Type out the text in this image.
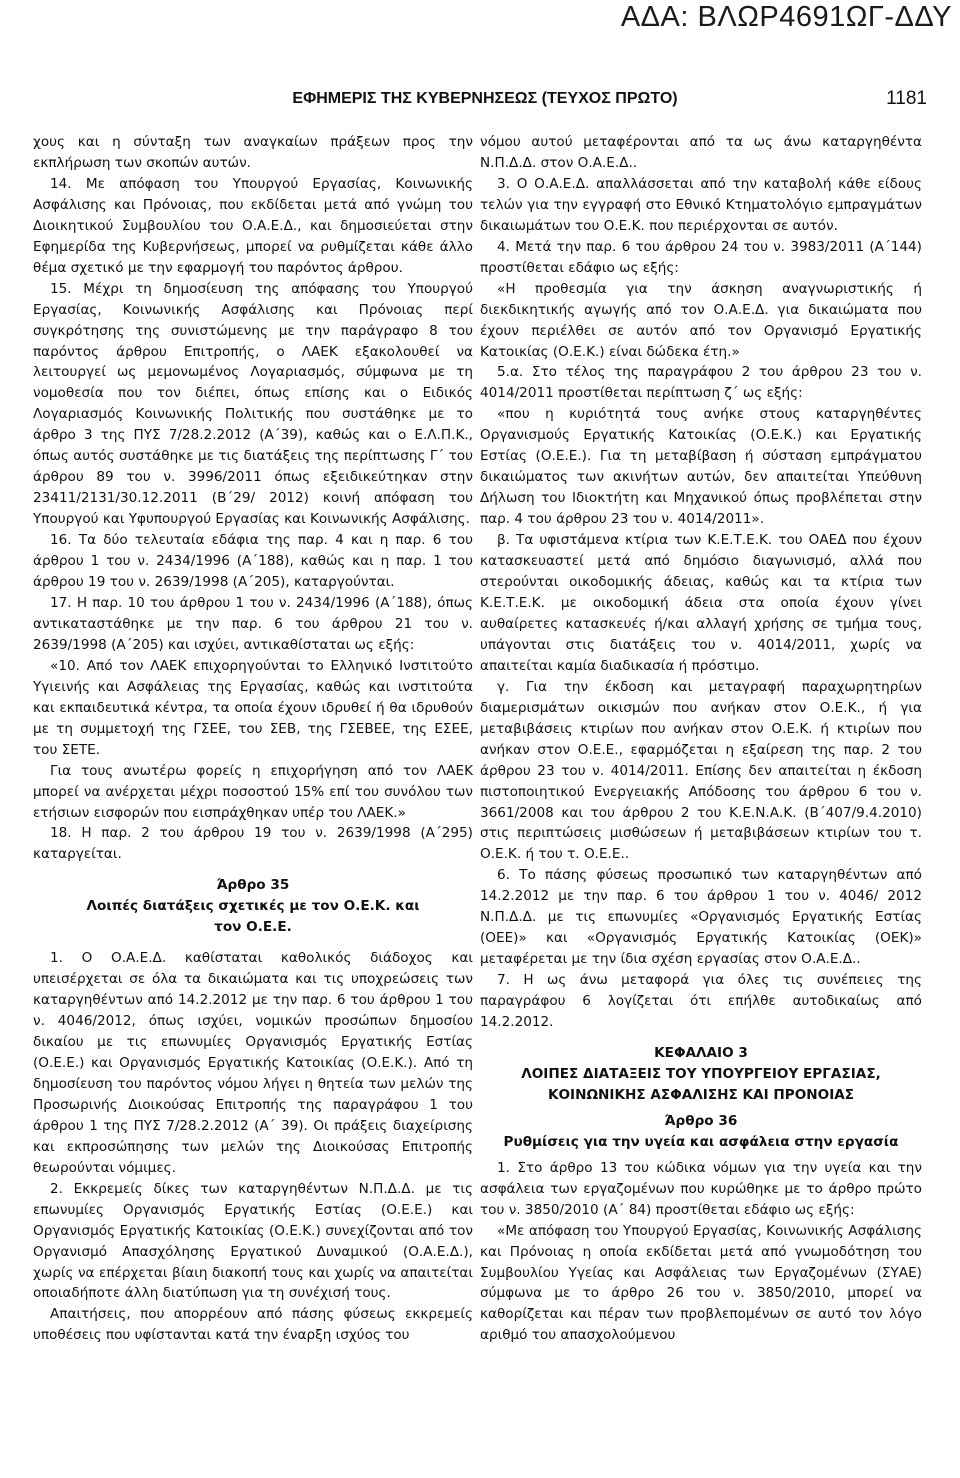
ΑΔΑ: ΒΛΩΡ4691ΩΓ-ΔΔΥ
ΕΦΗΜΕΡΙΣ ΤΗΣ ΚΥΒΕΡΝΗΣΕΩΣ (ΤΕΥΧΟΣ ΠΡΩΤΟ)	1181

χους και η σύνταξη των αναγκαίων πράξεων προς την εκπλήρωση των σκοπών αυτών.

14. Με απόφαση του Υπουργού Εργασίας, Κοινωνικής Ασφάλισης και Πρόνοιας, που εκδίδεται μετά από γνώμη του Διοικητικού Συμβουλίου του Ο.Α.Ε.Δ., και δημοσιεύεται στην Εφημερίδα της Κυβερνήσεως, μπορεί να ρυθμίζεται κάθε άλλο θέμα σχετικό με την εφαρμογή του παρόντος άρθρου.

15. Μέχρι τη δημοσίευση της απόφασης του Υπουργού Εργασίας, Κοινωνικής Ασφάλισης και Πρόνοιας περί συγκρότησης της συνιστώμενης με την παράγραφο 8 του παρόντος άρθρου Επιτροπής, ο ΛΑΕΚ εξακολουθεί να λειτουργεί ως μεμονωμένος Λογαριασμός, σύμφωνα με τη νομοθεσία που τον διέπει, όπως επίσης και ο Ειδικός Λογαριασμός Κοινωνικής Πολιτικής που συστάθηκε με το άρθρο 3 της ΠΥΣ 7/28.2.2012 (Α΄39), καθώς και ο Ε.Λ.Π.Κ., όπως αυτός συστάθηκε με τις διατάξεις της περίπτωσης Γ΄ του άρθρου 89 του ν. 3996/2011 όπως εξειδικεύτηκαν στην 23411/2131/30.12.2011 (Β΄29/ 2012) κοινή απόφαση του Υπουργού και Υφυπουργού Εργασίας και Κοινωνικής Ασφάλισης.

16. Τα δύο τελευταία εδάφια της παρ. 4 και η παρ. 6 του άρθρου 1 του ν. 2434/1996 (Α΄188), καθώς και η παρ. 1 του άρθρου 19 του ν. 2639/1998 (Α΄205), καταργούνται.

17. Η παρ. 10 του άρθρου 1 του ν. 2434/1996 (Α΄188), όπως αντικαταστάθηκε με την παρ. 6 του άρθρου 21 του ν. 2639/1998 (Α΄205) και ισχύει, αντικαθίσταται ως εξής:

«10. Από τον ΛΑΕΚ επιχορηγούνται το Ελληνικό Ινστιτούτο Υγιεινής και Ασφάλειας της Εργασίας, καθώς και ινστιτούτα και εκπαιδευτικά κέντρα, τα οποία έχουν ιδρυθεί ή θα ιδρυθούν με τη συμμετοχή της ΓΣΕΕ, του ΣΕΒ, της ΓΣΕΒΕΕ, της ΕΣΕΕ, του ΣΕΤΕ.

Για τους ανωτέρω φορείς η επιχορήγηση από τον ΛΑΕΚ μπορεί να ανέρχεται μέχρι ποσοστού 15% επί του συνόλου των ετήσιων εισφορών που εισπράχθηκαν υπέρ του ΛΑΕΚ.»

18. Η παρ. 2 του άρθρου 19 του ν. 2639/1998 (Α΄295) καταργείται.

Άρθρο 35

Λοιπές διατάξεις σχετικές με τον Ο.Ε.Κ. και τον Ο.Ε.Ε.

1. Ο Ο.Α.Ε.Δ. καθίσταται καθολικός διάδοχος και υπεισέρχεται σε όλα τα δικαιώματα και τις υποχρεώσεις των καταργηθέντων από 14.2.2012 με την παρ. 6 του άρθρου 1 του ν. 4046/2012, όπως ισχύει, νομικών προσώπων δημοσίου δικαίου με τις επωνυμίες Οργανισμός Εργατικής Εστίας (Ο.Ε.Ε.) και Οργανισμός Εργατικής Κατοικίας (Ο.Ε.Κ.). Από τη δημοσίευση του παρόντος νόμου λήγει η θητεία των μελών της Προσωρινής Διοικούσας Επιτροπής της παραγράφου 1 του άρθρου 1 της ΠΥΣ 7/28.2.2012 (Α΄ 39). Οι πράξεις διαχείρισης και εκπροσώπησης των μελών της Διοικούσας Επιτροπής θεωρούνται νόμιμες.

2. Εκκρεμείς δίκες των καταργηθέντων Ν.Π.Δ.Δ. με τις επωνυμίες Οργανισμός Εργατικής Εστίας (Ο.Ε.Ε.) και Οργανισμός Εργατικής Κατοικίας (Ο.Ε.Κ.) συνεχίζονται από τον Οργανισμό Απασχόλησης Εργατικού Δυναμικού (Ο.Α.Ε.Δ.), χωρίς να επέρχεται βίαιη διακοπή τους και χωρίς να απαιτείται οποιαδήποτε άλλη διατύπωση για τη συνέχισή τους.

Απαιτήσεις, που απορρέουν από πάσης φύσεως εκκρεμείς υποθέσεις που υφίστανται κατά την έναρξη ισχύος του

νόμου αυτού μεταφέρονται από τα ως άνω καταργηθέντα Ν.Π.Δ.Δ. στον Ο.Α.Ε.Δ..

3. Ο Ο.Α.Ε.Δ. απαλλάσσεται από την καταβολή κάθε είδους τελών για την εγγραφή στο Εθνικό Κτηματολόγιο εμπραγμάτων δικαιωμάτων του Ο.Ε.Κ. που περιέρχονται σε αυτόν.

4. Μετά την παρ. 6 του άρθρου 24 του ν. 3983/2011 (Α΄144) προστίθεται εδάφιο ως εξής:

«Η προθεσμία για την άσκηση αναγνωριστικής ή διεκδικητικής αγωγής από τον Ο.Α.Ε.Δ. για δικαιώματα που έχουν περιέλθει σε αυτόν από τον Οργανισμό Εργατικής Κατοικίας (Ο.Ε.Κ.) είναι δώδεκα έτη.»

5.α. Στο τέλος της παραγράφου 2 του άρθρου 23 του ν. 4014/2011 προστίθεται περίπτωση ζ΄ ως εξής:

«που η κυριότητά τους ανήκε στους καταργηθέντες Οργανισμούς Εργατικής Κατοικίας (Ο.Ε.Κ.) και Εργατικής Εστίας (Ο.Ε.Ε.). Για τη μεταβίβαση ή σύσταση εμπράγματου δικαιώματος των ακινήτων αυτών, δεν απαιτείται Υπεύθυνη Δήλωση του Ιδιοκτήτη και Μηχανικού όπως προβλέπεται στην παρ. 4 του άρθρου 23 του ν. 4014/2011».

β. Τα υφιστάμενα κτίρια των Κ.Ε.Τ.Ε.Κ. του ΟΑΕΔ που έχουν κατασκευαστεί μετά από δημόσιο διαγωνισμό, αλλά που στερούνται οικοδομικής άδειας, καθώς και τα κτίρια των Κ.Ε.Τ.Ε.Κ. με οικοδομική άδεια στα οποία έχουν γίνει αυθαίρετες κατασκευές ή/και αλλαγή χρήσης σε τμήμα τους, υπάγονται στις διατάξεις του ν. 4014/2011, χωρίς να απαιτείται καμία διαδικασία ή πρόστιμο.

γ. Για την έκδοση και μεταγραφή παραχωρητηρίων διαμερισμάτων οικισμών που ανήκαν στον Ο.Ε.Κ., ή για μεταβιβάσεις κτιρίων που ανήκαν στον Ο.Ε.Κ. ή κτιρίων που ανήκαν στον Ο.Ε.Ε., εφαρμόζεται η εξαίρεση της παρ. 2 του άρθρου 23 του ν. 4014/2011. Επίσης δεν απαιτείται η έκδοση πιστοποιητικού Ενεργειακής Απόδοσης του άρθρου 6 του ν. 3661/2008 και του άρθρου 2 του Κ.Ε.Ν.Α.Κ. (Β΄407/9.4.2010) στις περιπτώσεις μισθώσεων ή μεταβιβάσεων κτιρίων του τ. Ο.Ε.Κ. ή του τ. Ο.Ε.Ε..

6. Το πάσης φύσεως προσωπικό των καταργηθέντων από 14.2.2012 με την παρ. 6 του άρθρου 1 του ν. 4046/ 2012 Ν.Π.Δ.Δ. με τις επωνυμίες «Οργανισμός Εργατικής Εστίας (ΟΕΕ)» και «Οργανισμός Εργατικής Κατοικίας (ΟΕΚ)» μεταφέρεται με την ίδια σχέση εργασίας στον Ο.Α.Ε.Δ..

7. Η ως άνω μεταφορά για όλες τις συνέπειες της παραγράφου 6 λογίζεται ότι επήλθε αυτοδικαίως από 14.2.2012.

ΚΕΦΑΛΑΙΟ 3

ΛΟΙΠΕΣ ΔΙΑΤΑΞΕΙΣ ΤΟΥ ΥΠΟΥΡΓΕΙΟΥ ΕΡΓΑΣΙΑΣ, ΚΟΙΝΩΝΙΚΗΣ ΑΣΦΑΛΙΣΗΣ ΚΑΙ ΠΡΟΝΟΙΑΣ

Άρθρο 36

Ρυθμίσεις για την υγεία και ασφάλεια στην εργασία

1. Στο άρθρο 13 του κώδικα νόμων για την υγεία και την ασφάλεια των εργαζομένων που κυρώθηκε με το άρθρο πρώτο του ν. 3850/2010 (Α΄ 84) προστίθεται εδάφιο ως εξής:

«Με απόφαση του Υπουργού Εργασίας, Κοινωνικής Ασφάλισης και Πρόνοιας η οποία εκδίδεται μετά από γνωμοδότηση του Συμβουλίου Υγείας και Ασφάλειας των Εργαζομένων (ΣΥΑΕ) σύμφωνα με το άρθρο 26 του ν. 3850/2010, μπορεί να καθορίζεται και πέραν των προβλεπομένων σε αυτό τον λόγο αριθμό του απασχολούμενου
